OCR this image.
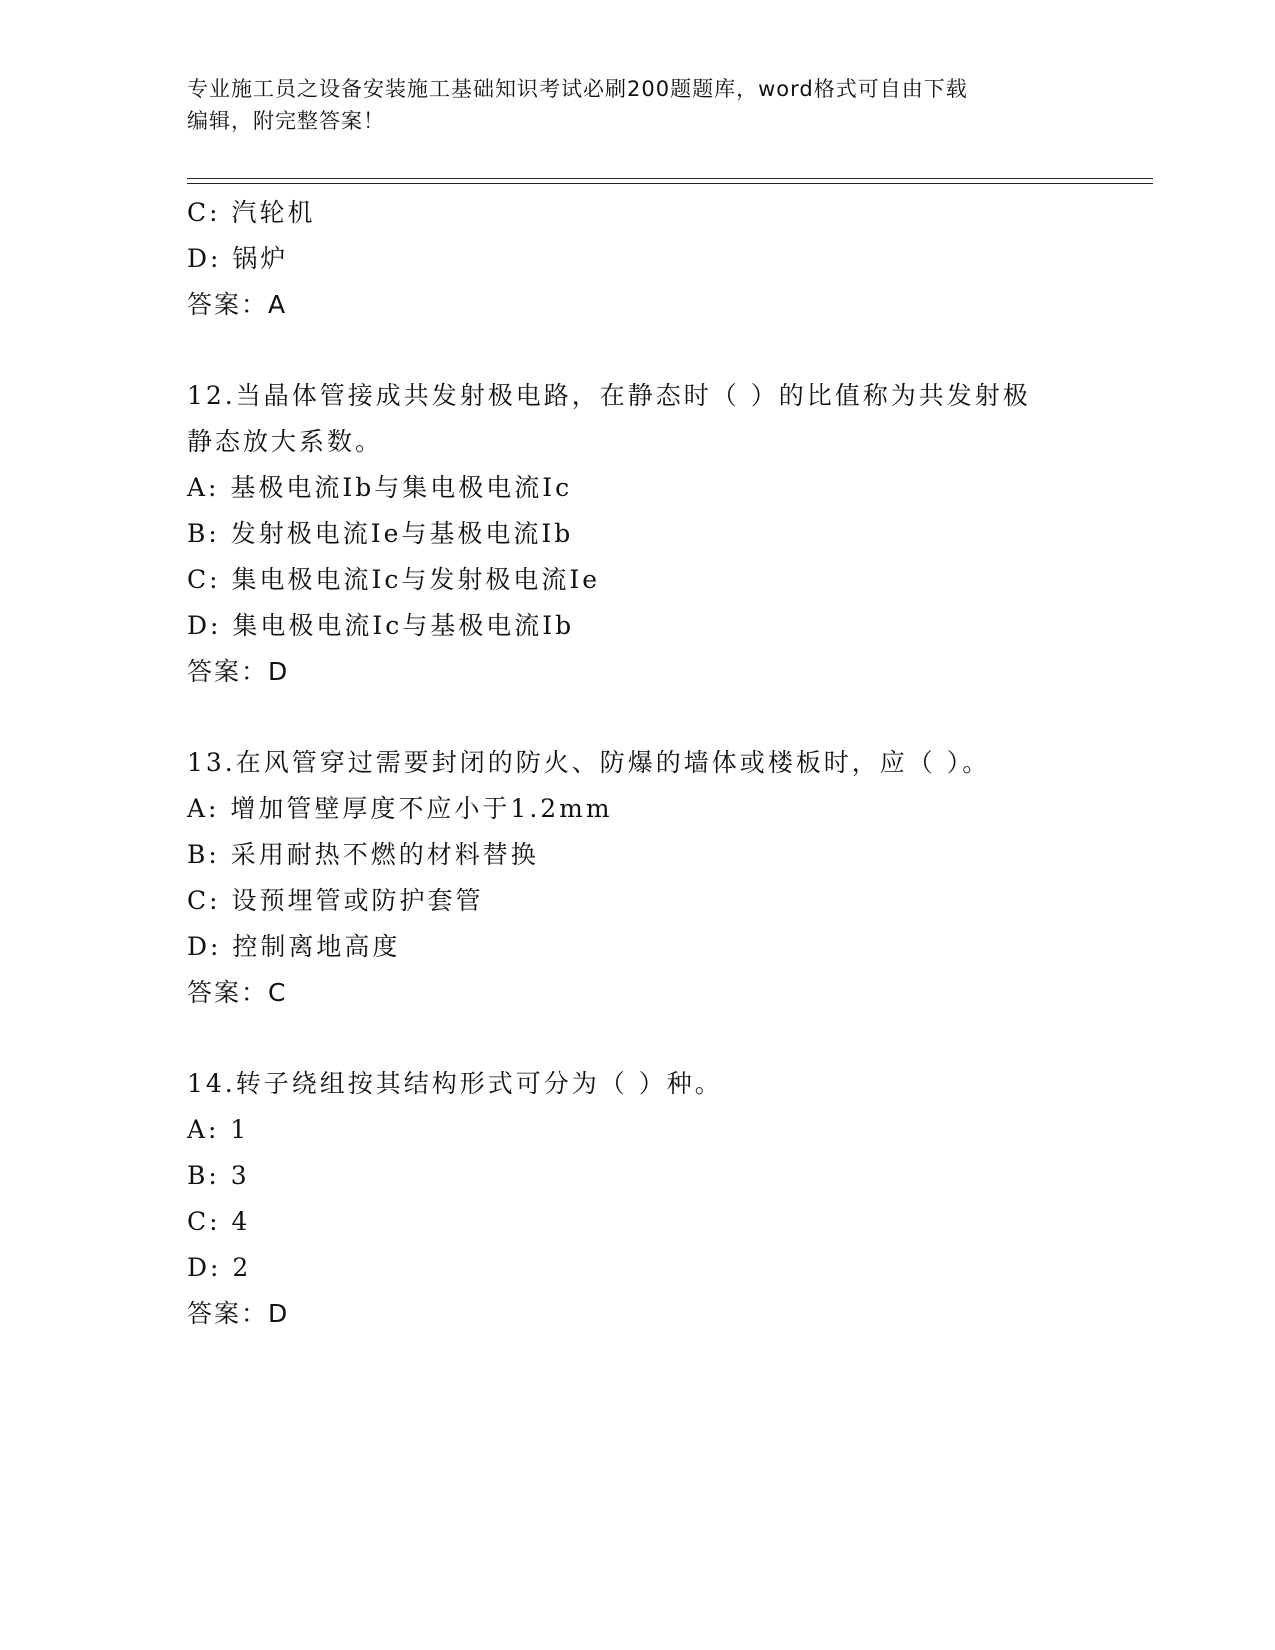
专业施工员之设备安装施工基础知识考试必刷200题题库，word格式可自由下载
编辑，附完整答案！
C: 汽轮机
D: 锅炉
答案：A
12.当晶体管接成共发射极电路，在静态时（ ）的比值称为共发射极
静态放大系数。
A: 基极电流Ib与集电极电流Ic
B: 发射极电流Ie与基极电流Ib
C: 集电极电流Ic与发射极电流Ie
D: 集电极电流Ic与基极电流Ib
答案：D
13.在风管穿过需要封闭的防火、防爆的墙体或楼板时，应（ ）。
A: 增加管壁厚度不应小于1.2mm
B: 采用耐热不燃的材料替换
C: 设预埋管或防护套管
D: 控制离地高度
答案：C
14.转子绕组按其结构形式可分为（ ）种。
A: 1
B: 3
C: 4
D: 2
答案：D
